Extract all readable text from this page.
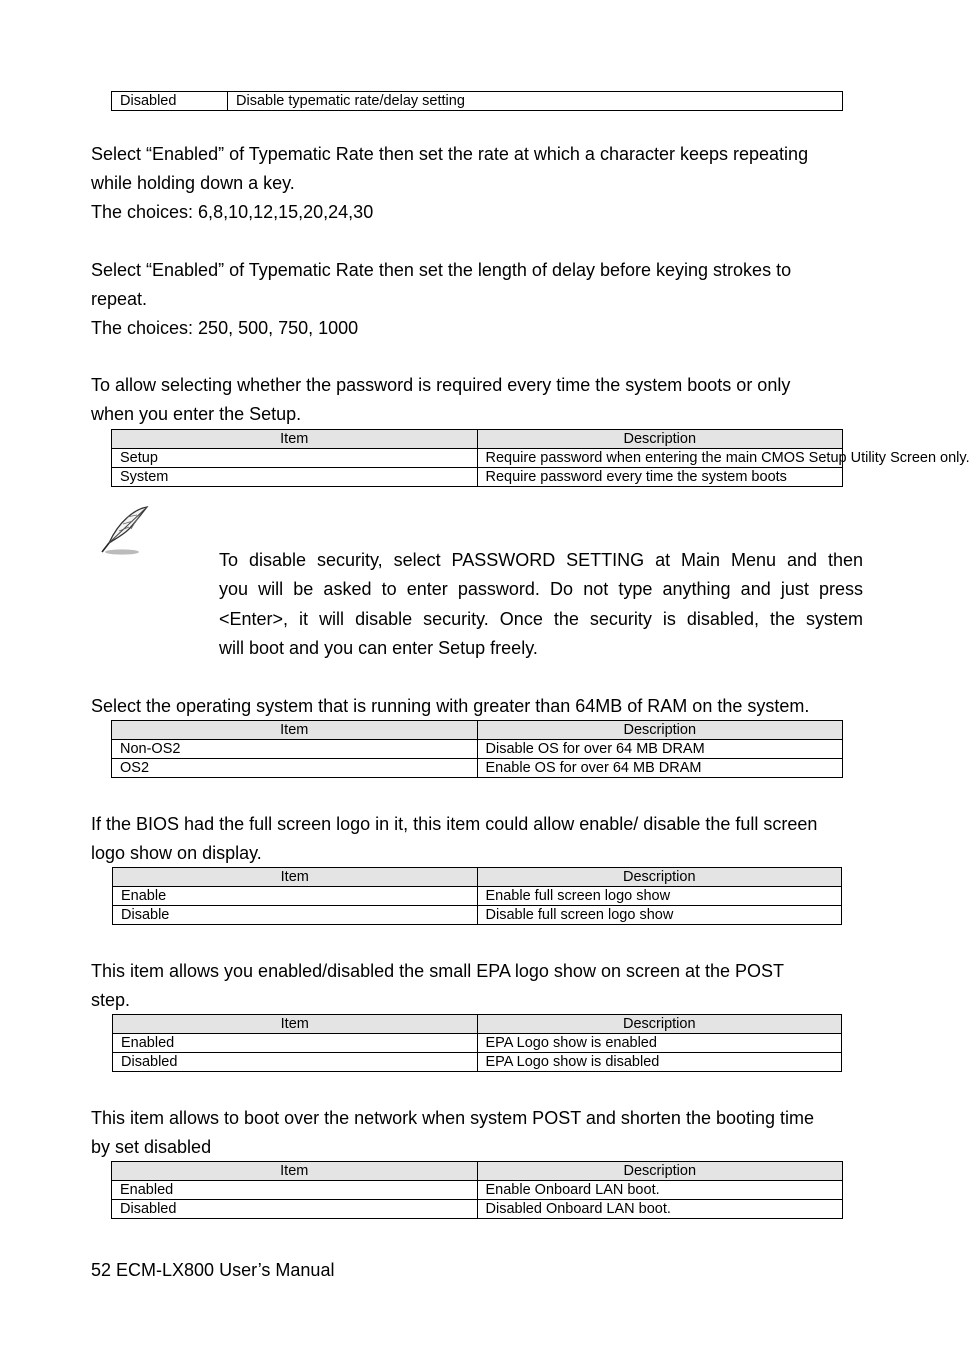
Disabled	Disable typematic rate/delay setting
Select “Enabled” of Typematic Rate then set the rate at which a character keeps repeating
while holding down a key.
The choices: 6,8,10,12,15,20,24,30
Select “Enabled” of Typematic Rate then set the length of delay before keying strokes to
repeat.
The choices: 250, 500, 750, 1000
To allow selecting whether the password is required every time the system boots or only
when you enter the Setup.
Item	Description
Setup	Require password when entering the main CMOS Setup Utility Screen only.
System	Require password every time the system boots
To disable security, select PASSWORD SETTING at Main Menu and then
you will be asked to enter password. Do not type anything and just press
<Enter>, it will disable security. Once the security is disabled, the system
will boot and you can enter Setup freely.
Select the operating system that is running with greater than 64MB of RAM on the system.
Item	Description
Non-OS2	Disable OS for over 64 MB DRAM
OS2	Enable OS for over 64 MB DRAM
If the BIOS had the full screen logo in it, this item could allow enable/ disable the full screen
logo show on display.
Item	Description
Enable	Enable full screen logo show
Disable	Disable full screen logo show
This item allows you enabled/disabled the small EPA logo show on screen at the POST
step.
Item	Description
Enabled	EPA Logo show is enabled
Disabled	EPA Logo show is disabled
This item allows to boot over the network when system POST and shorten the booting time
by set disabled
Item	Description
Enabled	Enable Onboard LAN boot.
Disabled	Disabled Onboard LAN boot.
52 ECM-LX800 User’s Manual
